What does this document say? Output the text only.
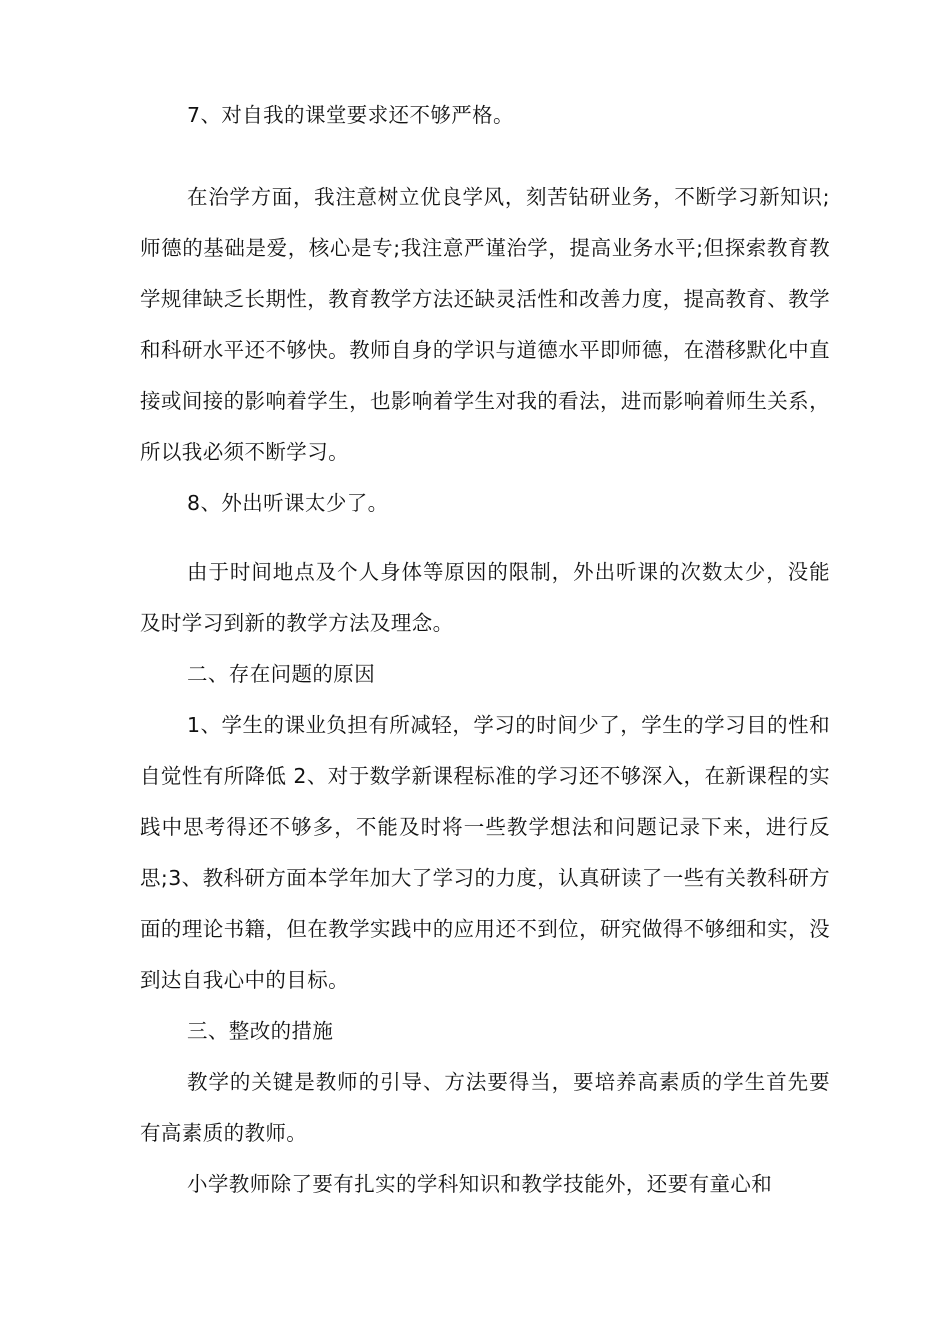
7、对自我的课堂要求还不够严格。

在治学方面，我注意树立优良学风，刻苦钻研业务，不断学习新知识;师德的基础是爱，核心是专;我注意严谨治学，提高业务水平;但探索教育教学规律缺乏长期性，教育教学方法还缺灵活性和改善力度，提高教育、教学和科研水平还不够快。教师自身的学识与道德水平即师德，在潜移默化中直接或间接的影响着学生，也影响着学生对我的看法，进而影响着师生关系，所以我必须不断学习。

8、外出听课太少了。

由于时间地点及个人身体等原因的限制，外出听课的次数太少，没能及时学习到新的教学方法及理念。

二、存在问题的原因

1、学生的课业负担有所减轻，学习的时间少了，学生的学习目的性和自觉性有所降低 2、对于数学新课程标准的学习还不够深入，在新课程的实践中思考得还不够多，不能及时将一些教学想法和问题记录下来，进行反思;3、教科研方面本学年加大了学习的力度，认真研读了一些有关教科研方面的理论书籍，但在教学实践中的应用还不到位，研究做得不够细和实，没到达自我心中的目标。

三、整改的措施

教学的关键是教师的引导、方法要得当，要培养高素质的学生首先要有高素质的教师。

小学教师除了要有扎实的学科知识和教学技能外，还要有童心和
